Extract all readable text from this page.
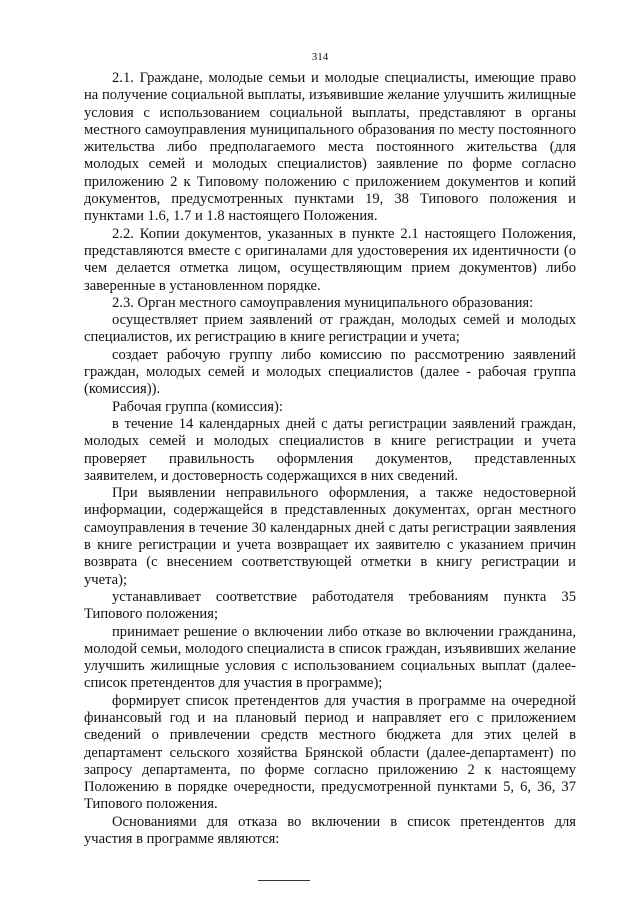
314

2.1. Граждане, молодые семьи и молодые специалисты, имеющие право на получение социальной выплаты, изъявившие желание улучшить жилищные условия с использованием социальной выплаты, представляют в органы местного самоуправления муниципального образования по месту постоянного жительства либо предполагаемого места постоянного жительства (для молодых семей и молодых специалистов) заявление по форме согласно приложению 2 к Типовому положению с приложением документов и копий документов, предусмотренных пунктами 19, 38 Типового положения и пунктами 1.6, 1.7 и 1.8 настоящего Положения.

2.2. Копии документов, указанных в пункте 2.1 настоящего Положения, представляются вместе с оригиналами для удостоверения их идентичности (о чем делается отметка лицом, осуществляющим прием документов) либо заверенные в установленном порядке.

2.3. Орган местного самоуправления муниципального образования:

осуществляет прием заявлений от граждан, молодых семей и молодых специалистов, их регистрацию в книге регистрации и учета;

создает рабочую группу либо комиссию по рассмотрению заявлений граждан, молодых семей и молодых специалистов (далее - рабочая группа (комиссия)).

Рабочая группа (комиссия):

в течение 14 календарных дней с даты регистрации заявлений граждан, молодых семей и молодых специалистов в книге регистрации и учета проверяет правильность оформления документов, представленных заявителем, и достоверность содержащихся в них сведений.

При выявлении неправильного оформления, а также недостоверной информации, содержащейся в представленных документах, орган местного самоуправления в течение 30 календарных дней с даты регистрации заявления в книге регистрации и учета возвращает их заявителю с указанием причин возврата (с внесением соответствующей отметки в книгу регистрации и учета);

устанавливает соответствие работодателя требованиям пункта 35 Типового положения;

принимает решение о включении либо отказе во включении гражданина, молодой семьи, молодого специалиста в список граждан, изъявивших желание улучшить жилищные условия с использованием социальных выплат (далее-список претендентов для участия в программе);

формирует список претендентов для участия в программе на очередной финансовый год и на плановый период и направляет его с приложением сведений о привлечении средств местного бюджета для этих целей в департамент сельского хозяйства Брянской области (далее-департамент) по запросу департамента, по форме согласно приложению 2 к настоящему Положению в порядке очередности, предусмотренной пунктами 5, 6, 36, 37 Типового положения.

Основаниями для отказа во включении в список претендентов для участия в программе являются:
